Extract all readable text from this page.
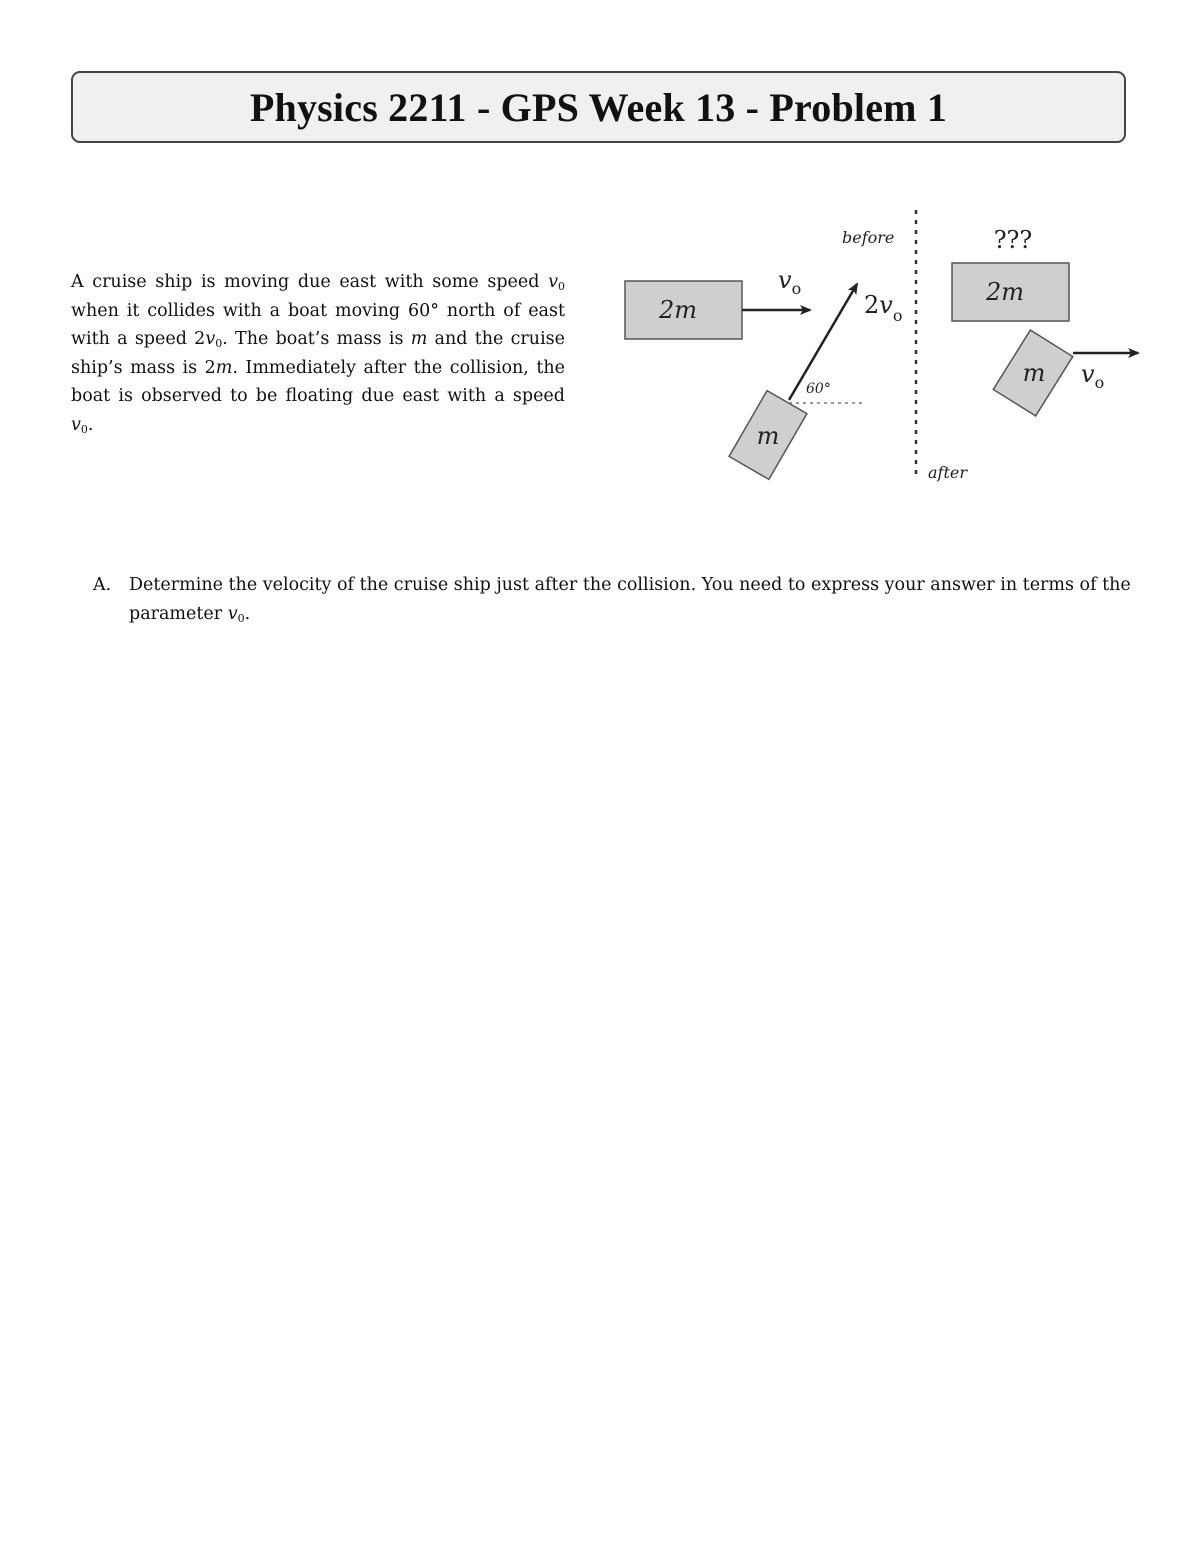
Physics 2211 - GPS Week 13 - Problem 1
A cruise ship is moving due east with some speed $v_0$ when it collides with a boat moving 60° north of east with a speed $2v_0$. The boat’s mass is m and the cruise ship’s mass is 2m. Immediately after the collision, the boat is observed to be floating due east with a speed $v_0$.
2m
$v_o$
before
after
m
$2v_o$
60°
???
2m
m $v_o$
A.	Determine the velocity of the cruise ship just after the collision. You need to express your answer in terms of the parameter $v_0$.
